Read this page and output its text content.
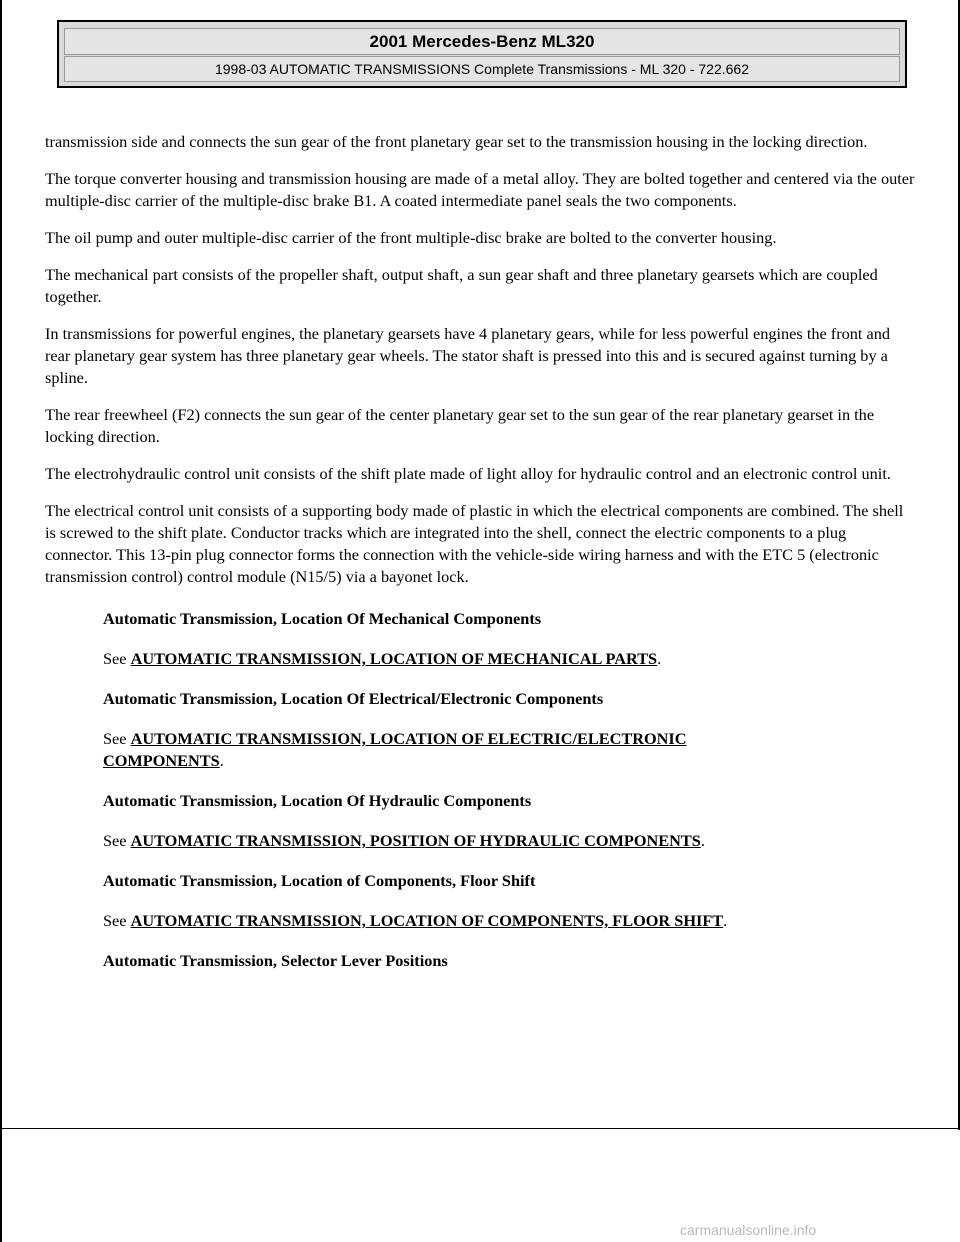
2001 Mercedes-Benz ML320
1998-03 AUTOMATIC TRANSMISSIONS Complete Transmissions - ML 320 - 722.662

transmission side and connects the sun gear of the front planetary gear set to the transmission housing in the locking direction.

The torque converter housing and transmission housing are made of a metal alloy. They are bolted together and centered via the outer multiple-disc carrier of the multiple-disc brake B1. A coated intermediate panel seals the two components.

The oil pump and outer multiple-disc carrier of the front multiple-disc brake are bolted to the converter housing.

The mechanical part consists of the propeller shaft, output shaft, a sun gear shaft and three planetary gearsets which are coupled together.

In transmissions for powerful engines, the planetary gearsets have 4 planetary gears, while for less powerful engines the front and rear planetary gear system has three planetary gear wheels. The stator shaft is pressed into this and is secured against turning by a spline.

The rear freewheel (F2) connects the sun gear of the center planetary gear set to the sun gear of the rear planetary gearset in the locking direction.

The electrohydraulic control unit consists of the shift plate made of light alloy for hydraulic control and an electronic control unit.

The electrical control unit consists of a supporting body made of plastic in which the electrical components are combined. The shell is screwed to the shift plate. Conductor tracks which are integrated into the shell, connect the electric components to a plug connector. This 13-pin plug connector forms the connection with the vehicle-side wiring harness and with the ETC 5 (electronic transmission control) control module (N15/5) via a bayonet lock.

Automatic Transmission, Location Of Mechanical Components
See AUTOMATIC TRANSMISSION, LOCATION OF MECHANICAL PARTS.
Automatic Transmission, Location Of Electrical/Electronic Components
See AUTOMATIC TRANSMISSION, LOCATION OF ELECTRIC/ELECTRONIC COMPONENTS.
Automatic Transmission, Location Of Hydraulic Components
See AUTOMATIC TRANSMISSION, POSITION OF HYDRAULIC COMPONENTS.
Automatic Transmission, Location of Components, Floor Shift
See AUTOMATIC TRANSMISSION, LOCATION OF COMPONENTS, FLOOR SHIFT.
Automatic Transmission, Selector Lever Positions
carmanualsonline.info
